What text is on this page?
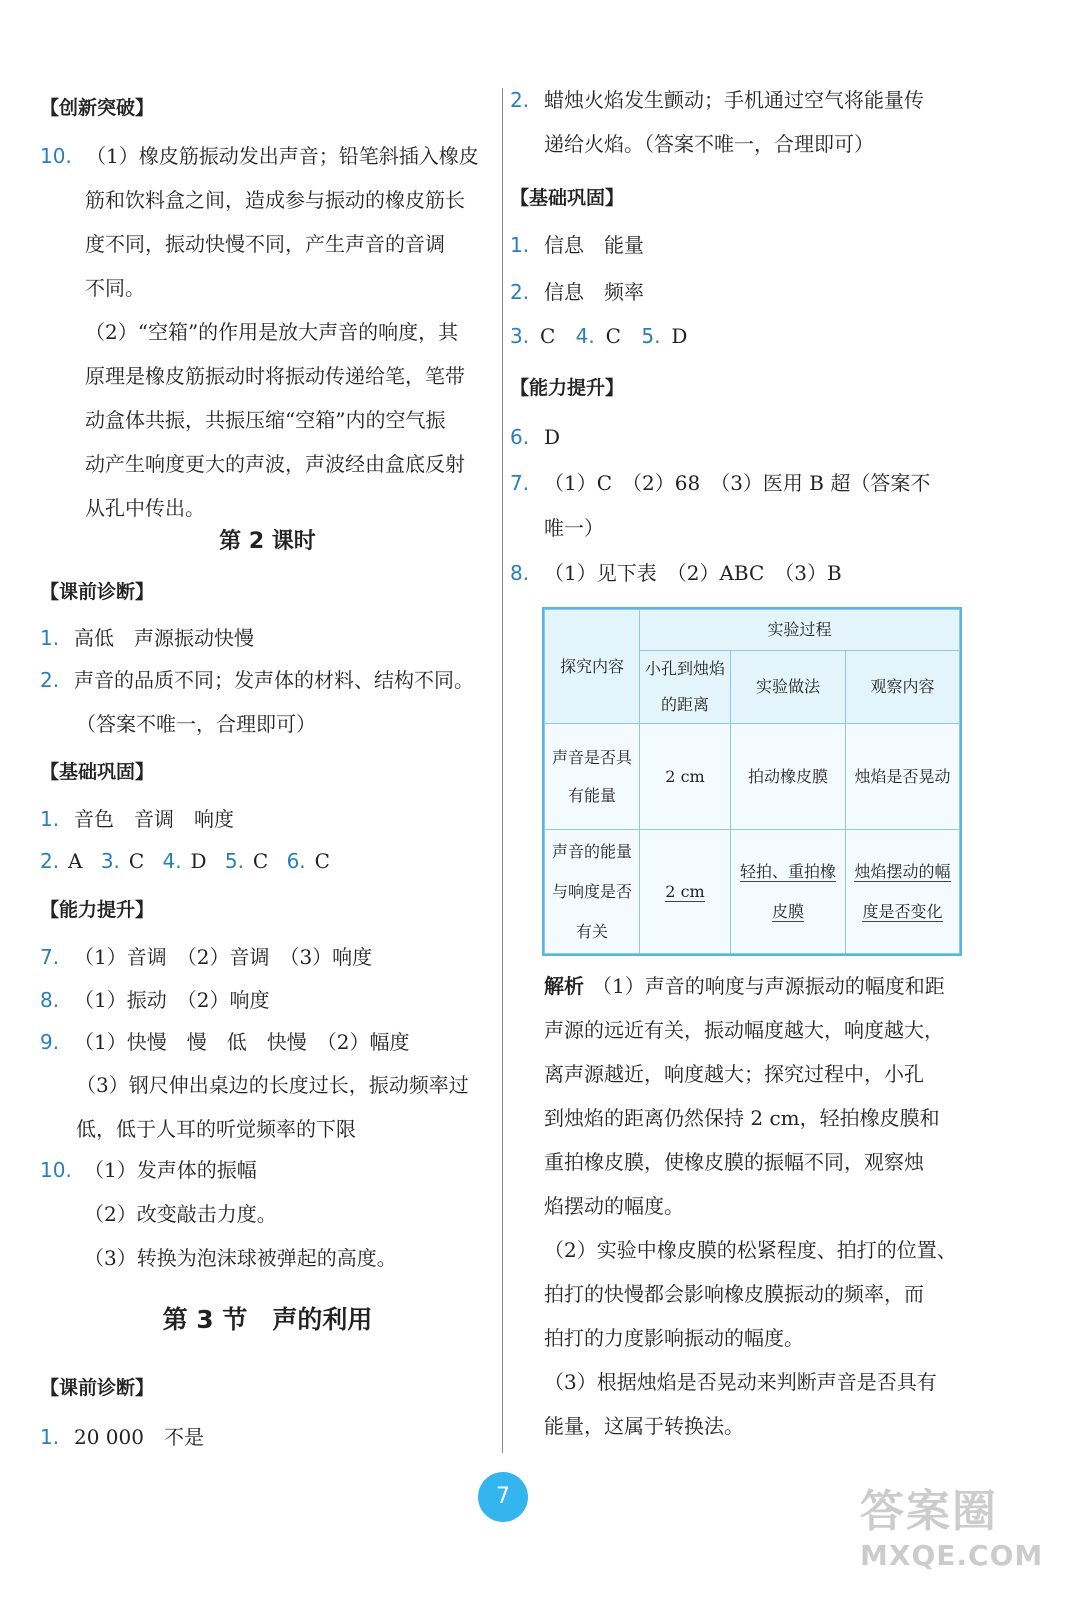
【创新突破】
10. （1）橡皮筋振动发出声音；铅笔斜插入橡皮
筋和饮料盒之间，造成参与振动的橡皮筋长
度不同，振动快慢不同，产生声音的音调
不同。
（2）“空箱”的作用是放大声音的响度，其
原理是橡皮筋振动时将振动传递给笔，笔带
动盒体共振，共振压缩“空箱”内的空气振
动产生响度更大的声波，声波经由盒底反射
从孔中传出。
第 2 课时
【课前诊断】
1. 高低　声源振动快慢
2. 声音的品质不同；发声体的材料、结构不同。
（答案不唯一，合理即可）
【基础巩固】
1. 音色　音调　响度
2. A 3. C 4. D 5. C 6. C
【能力提升】
7. （1）音调　（2）音调　（3）响度
8. （1）振动　（2）响度
9. （1）快慢　慢　低　快慢　（2）幅度
（3）钢尺伸出桌边的长度过长，振动频率过
低，低于人耳的听觉频率的下限
10. （1）发声体的振幅
（2）改变敲击力度。
（3）转换为泡沫球被弹起的高度。
第 3 节　声的利用
【课前诊断】
1. 20 000　不是
2. 蜡烛火焰发生颤动；手机通过空气将能量传
递给火焰。（答案不唯一，合理即可）
【基础巩固】
1. 信息　能量
2. 信息　频率
3. C 4. C 5. D
【能力提升】
6. D
7. （1）C　（2）68　（3）医用 B 超（答案不
唯一）
8. （1）见下表　（2）ABC　（3）B
探究内容	实验过程		
	小孔到烛焰的距离	实验做法	观察内容
声音是否具有能量	2 cm	拍动橡皮膜	烛焰是否晃动
声音的能量与响度是否有关	2 cm	轻拍、重拍橡皮膜	烛焰摆动的幅度是否变化
解析 （1）声音的响度与声源振动的幅度和距
声源的远近有关，振动幅度越大，响度越大，
离声源越近，响度越大；探究过程中，小孔
到烛焰的距离仍然保持 2 cm，轻拍橡皮膜和
重拍橡皮膜，使橡皮膜的振幅不同，观察烛
焰摆动的幅度。
（2）实验中橡皮膜的松紧程度、拍打的位置、
拍打的快慢都会影响橡皮膜振动的频率，而
拍打的力度影响振动的幅度。
（3）根据烛焰是否晃动来判断声音是否具有
能量，这属于转换法。
7	答案圈
MXQE.COM
